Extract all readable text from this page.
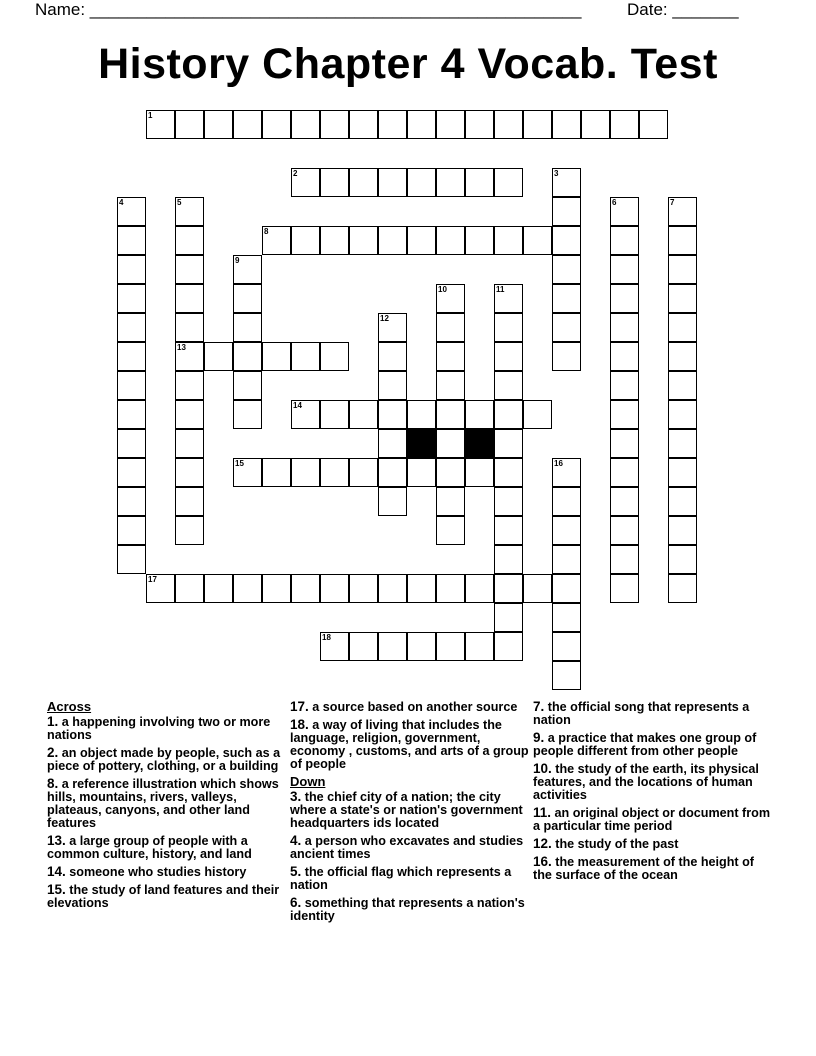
Name: ____________________________________________________	Date: _______
History Chapter 4 Vocab. Test
1
2	3
4	5
13
6	7
8
9
10	11
12
14
15	16
17
18
Across
1. a happening involving two or more nations
2. an object made by people, such as a piece of pottery, clothing, or a building
8. a reference illustration which shows hills, mountains, rivers, valleys, plateaus, canyons, and other land features
13. a large group of people with a common culture, history, and land
14. someone who studies history
15. the study of land features and their elevations
17. a source based on another source
18. a way of living that includes the language, religion, government, economy , customs, and arts of a group of people
Down
3. the chief city of a nation; the city where a state's or nation's government headquarters ids located
4. a person who excavates and studies ancient times
5. the official flag which represents a nation
6. something that represents a nation's identity
7. the official song that represents a nation
9. a practice that makes one group of people different from other people
10. the study of the earth, its physical features, and the locations of human activities
11. an original object or document from a particular time period
12. the study of the past
16. the measurement of the height of the surface of the ocean
